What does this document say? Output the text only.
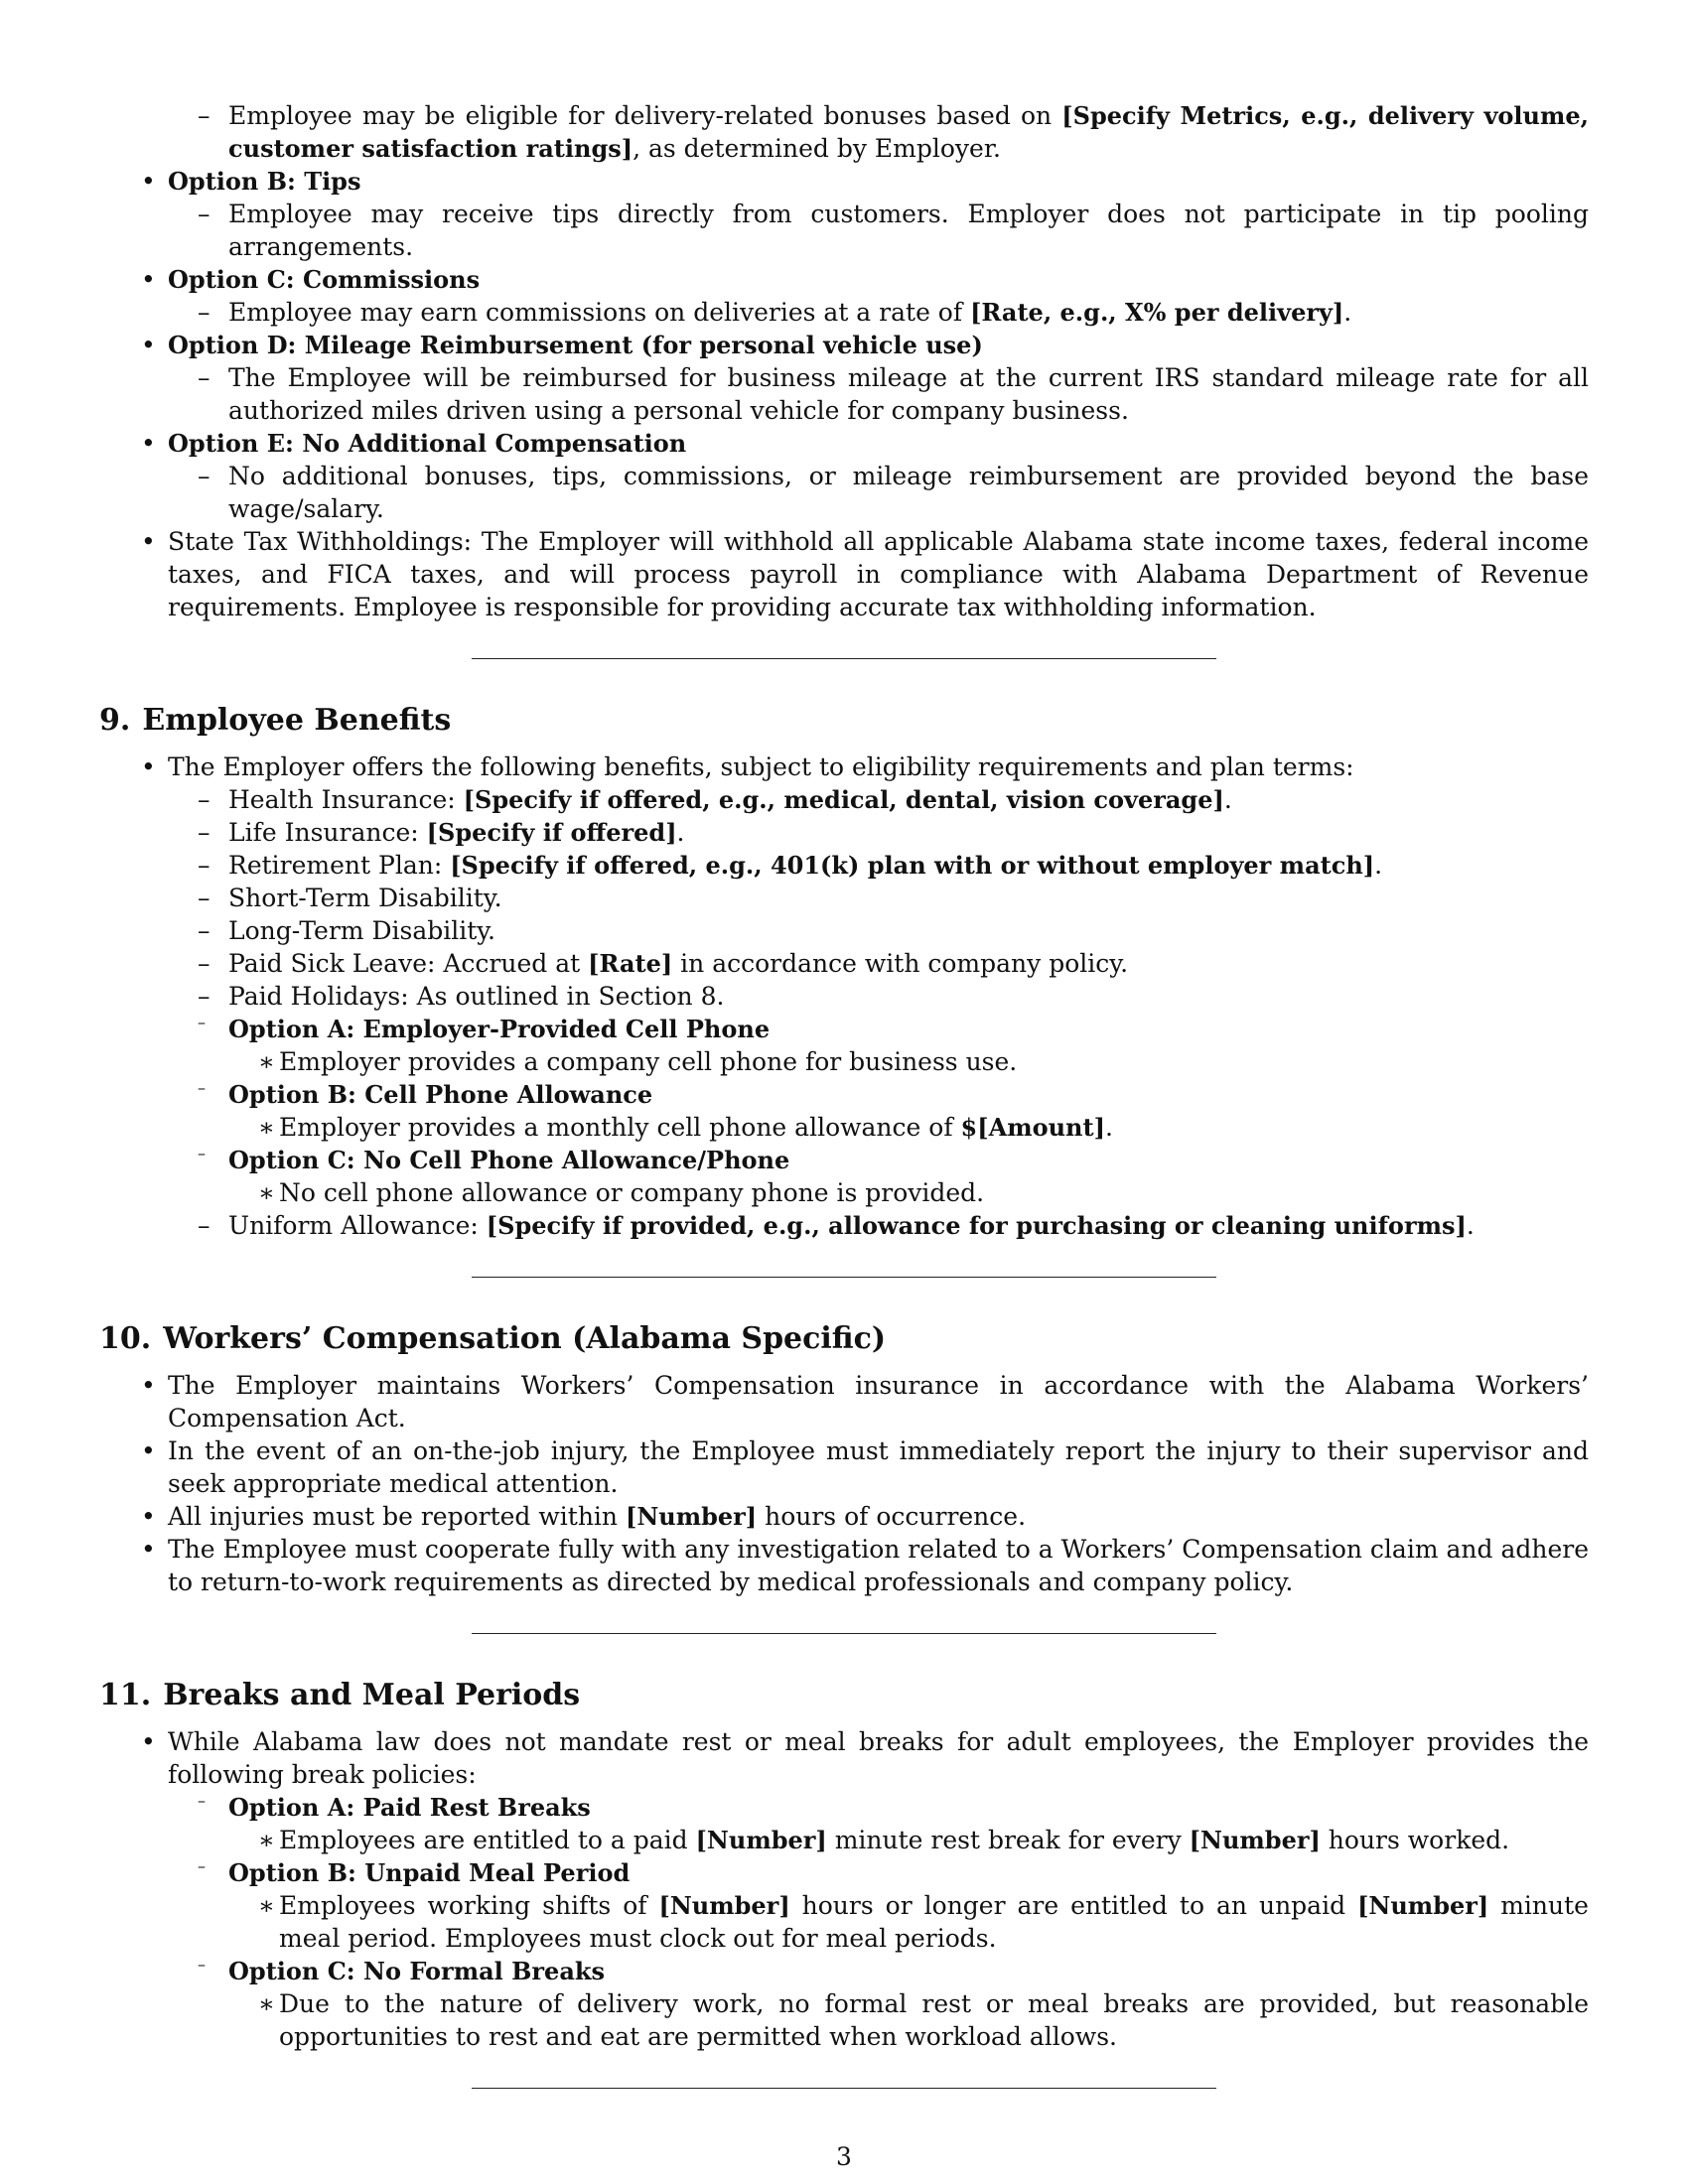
– Employee may be eligible for delivery-related bonuses based on [Specify Metrics, e.g., delivery volume, customer satisfaction ratings], as determined by Employer.

• Option B: Tips

– Employee may receive tips directly from customers. Employer does not participate in tip pooling arrangements.

• Option C: Commissions

– Employee may earn commissions on deliveries at a rate of [Rate, e.g., X% per delivery].

• Option D: Mileage Reimbursement (for personal vehicle use)

– The Employee will be reimbursed for business mileage at the current IRS standard mileage rate for all authorized miles driven using a personal vehicle for company business.

• Option E: No Additional Compensation

– No additional bonuses, tips, commissions, or mileage reimbursement are provided beyond the base wage/salary.
• State Tax Withholdings: The Employer will withhold all applicable Alabama state income taxes, federal income taxes, and FICA taxes, and will process payroll in compliance with Alabama Department of Revenue requirements. Employee is responsible for providing accurate tax withholding information.
9. Employee Benefits

• The Employer offers the following benefits, subject to eligibility requirements and plan terms:

– Health Insurance: [Specify if offered, e.g., medical, dental, vision coverage].
– Life Insurance: [Specify if offered].
– Retirement Plan: [Specify if offered, e.g., 401(k) plan with or without employer match].
– Short-Term Disability.
– Long-Term Disability.
– Paid Sick Leave: Accrued at [Rate] in accordance with company policy.
– Paid Holidays: As outlined in Section 8.

– Option A: Employer-Provided Cell Phone

∗ Employer provides a company cell phone for business use.

– Option B: Cell Phone Allowance

∗ Employer provides a monthly cell phone allowance of $[Amount].

– Option C: No Cell Phone Allowance/Phone

∗ No cell phone allowance or company phone is provided.
– Uniform Allowance: [Specify if provided, e.g., allowance for purchasing or cleaning uniforms].
10. Workers’ Compensation (Alabama Specific)
• The Employer maintains Workers’ Compensation insurance in accordance with the Alabama Workers’ Compensation Act.
• In the event of an on-the-job injury, the Employee must immediately report the injury to their supervisor and seek appropriate medical attention.
• All injuries must be reported within [Number] hours of occurrence.
• The Employee must cooperate fully with any investigation related to a Workers’ Compensation claim and adhere to return-to-work requirements as directed by medical professionals and company policy.
11. Breaks and Meal Periods

• While Alabama law does not mandate rest or meal breaks for adult employees, the Employer provides the following break policies:

– Option A: Paid Rest Breaks

∗ Employees are entitled to a paid [Number] minute rest break for every [Number] hours worked.

– Option B: Unpaid Meal Period

∗ Employees working shifts of [Number] hours or longer are entitled to an unpaid [Number] minute meal period. Employees must clock out for meal periods.

– Option C: No Formal Breaks

∗ Due to the nature of delivery work, no formal rest or meal breaks are provided, but reasonable opportunities to rest and eat are permitted when workload allows.
3
